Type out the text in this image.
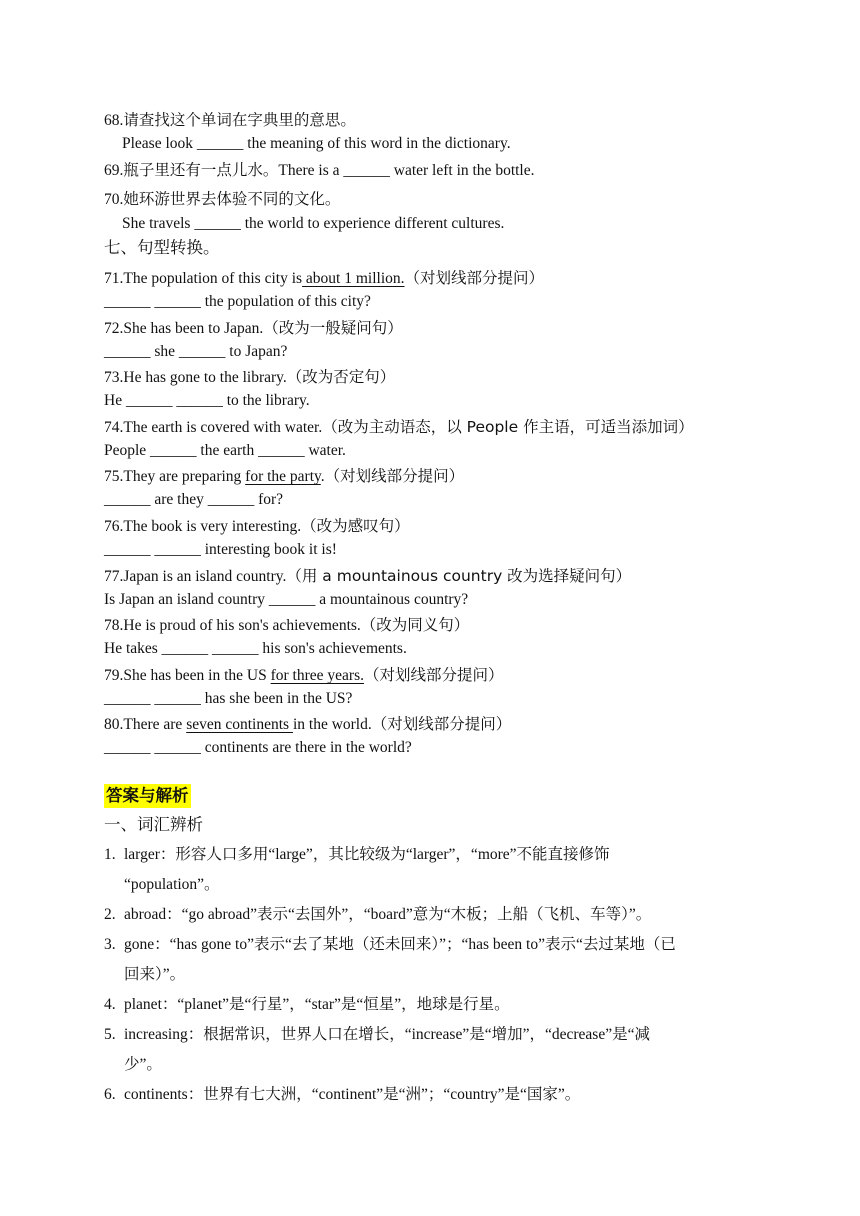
68.请查找这个单词在字典里的意思。
Please look ______ the meaning of this word in the dictionary.
69.瓶子里还有一点儿水。There is a ______ water left in the bottle.
70.她环游世界去体验不同的文化。
She travels ______ the world to experience different cultures.
七、句型转换。
71.The population of this city is about 1 million.（对划线部分提问）
______ ______ the population of this city?
72.She has been to Japan.（改为一般疑问句）
______ she ______ to Japan?
73.He has gone to the library.（改为否定句）
He ______ ______ to the library.
74.The earth is covered with water.（改为主动语态，以 People 作主语，可适当添加词）
People ______ the earth ______ water.
75.They are preparing for the party.（对划线部分提问）
______ are they ______ for?
76.The book is very interesting.（改为感叹句）
______ ______ interesting book it is!
77.Japan is an island country.（用 a mountainous country 改为选择疑问句）
Is Japan an island country ______ a mountainous country?
78.He is proud of his son's achievements.（改为同义句）
He takes ______ ______ his son's achievements.
79.She has been in the US for three years.（对划线部分提问）
______ ______ has she been in the US?
80.There are seven continents in the world.（对划线部分提问）
______ ______ continents are there in the world?
答案与解析
一、词汇辨析
1. larger：形容人口多用“large”，其比较级为“larger”，“more”不能直接修饰
“population”。
2. abroad：“go abroad”表示“去国外”，“board”意为“木板；上船（飞机、车等）”。
3. gone：“has gone to”表示“去了某地（还未回来）”；“has been to”表示“去过某地（已
回来）”。
4. planet：“planet”是“行星”，“star”是“恒星”，地球是行星。
5. increasing：根据常识，世界人口在增长，“increase”是“增加”，“decrease”是“减
少”。
6. continents：世界有七大洲，“continent”是“洲”；“country”是“国家”。
